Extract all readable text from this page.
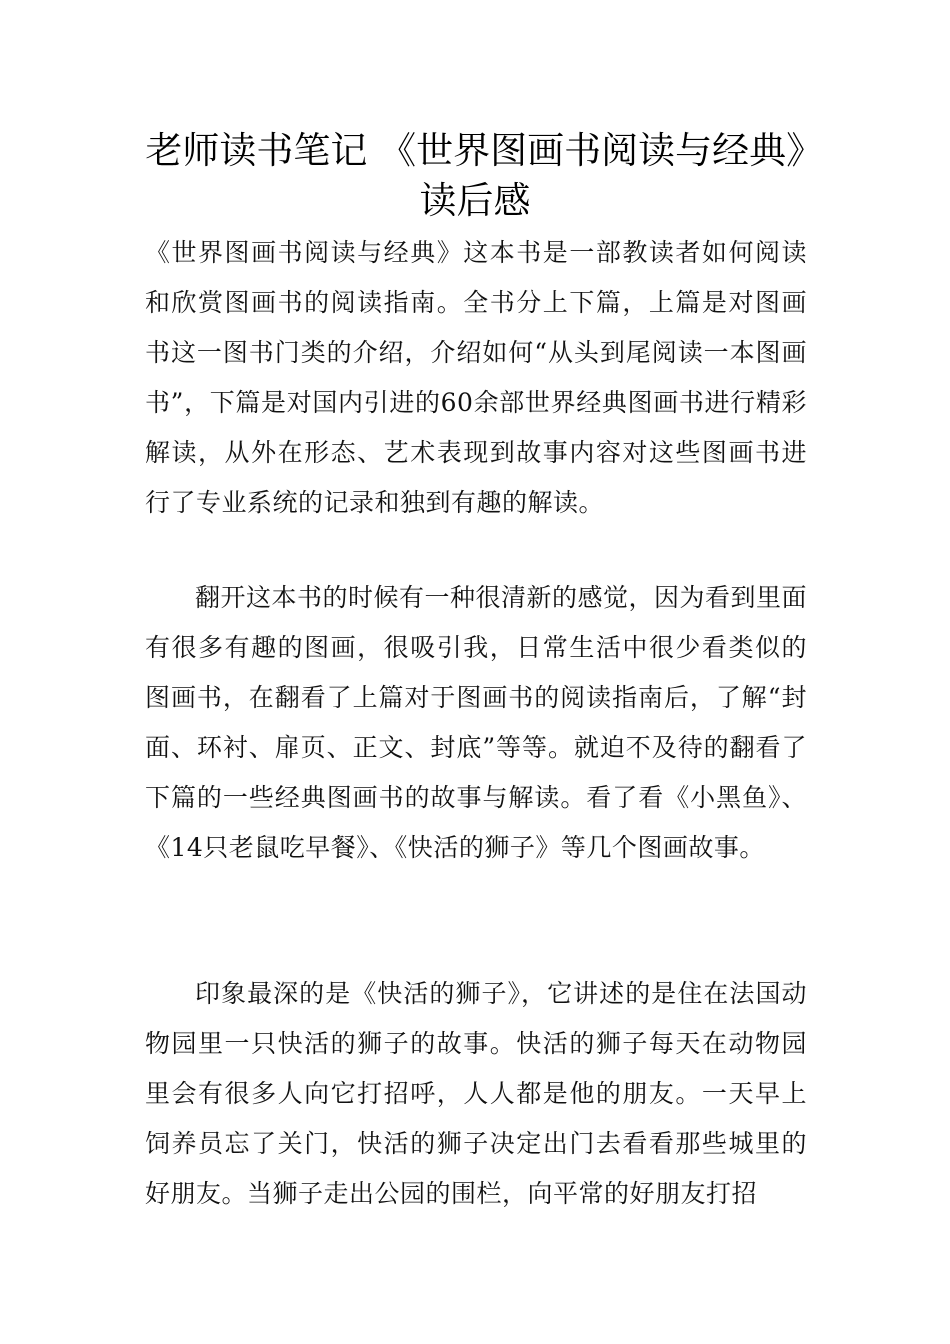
老师读书笔记 《世界图画书阅读与经典》读后感

《世界图画书阅读与经典》这本书是一部教读者如何阅读和欣赏图画书的阅读指南。全书分上下篇，上篇是对图画书这一图书门类的介绍，介绍如何“从头到尾阅读一本图画书”，下篇是对国内引进的60余部世界经典图画书进行精彩解读，从外在形态、艺术表现到故事内容对这些图画书进行了专业系统的记录和独到有趣的解读。

翻开这本书的时候有一种很清新的感觉，因为看到里面有很多有趣的图画，很吸引我，日常生活中很少看类似的图画书，在翻看了上篇对于图画书的阅读指南后，了解“封面、环衬、扉页、正文、封底”等等。就迫不及待的翻看了下篇的一些经典图画书的故事与解读。看了看《小黑鱼》、《14只老鼠吃早餐》、《快活的狮子》等几个图画故事。

印象最深的是《快活的狮子》，它讲述的是住在法国动物园里一只快活的狮子的故事。快活的狮子每天在动物园里会有很多人向它打招呼，人人都是他的朋友。一天早上饲养员忘了关门，快活的狮子决定出门去看看那些城里的好朋友。当狮子走出公园的围栏，向平常的好朋友打招
